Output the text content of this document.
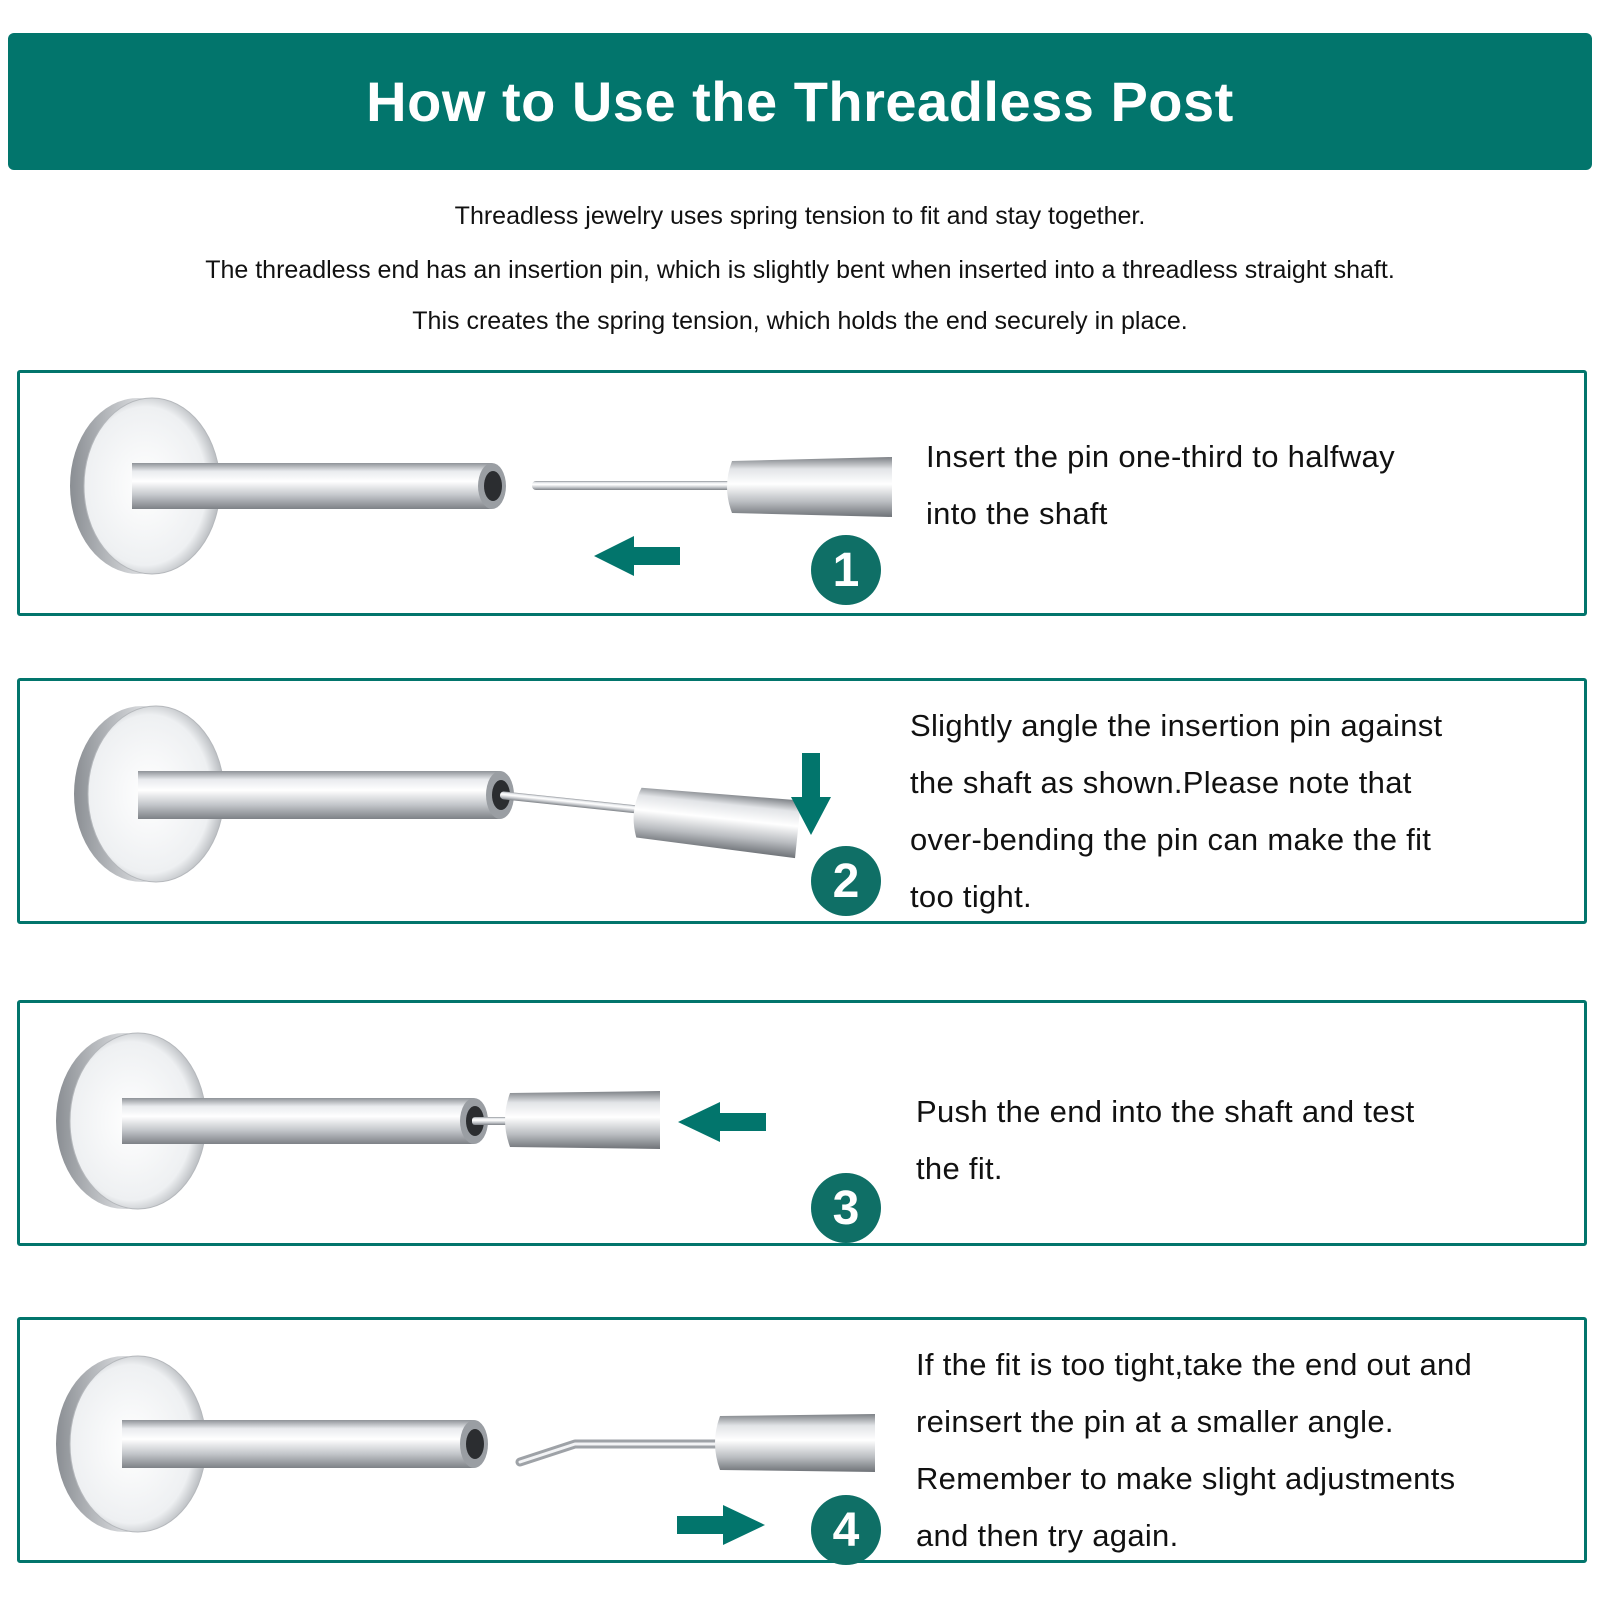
How to Use the Threadless Post
Threadless jewelry uses spring tension to fit and stay together.
The threadless end has an insertion pin, which is slightly bent when inserted into a threadless straight shaft.
This creates the spring tension, which holds the end securely in place.
1
Insert the pin one-third to halfway
into the shaft
2
Slightly angle the insertion pin against
the shaft as shown.Please note that
over-bending the pin can make the fit
too tight.
3
Push the end into the shaft and test
the fit.
4
If the fit is too tight,take the end out and
reinsert the pin at a smaller angle.
Remember to make slight adjustments
and then try again.
